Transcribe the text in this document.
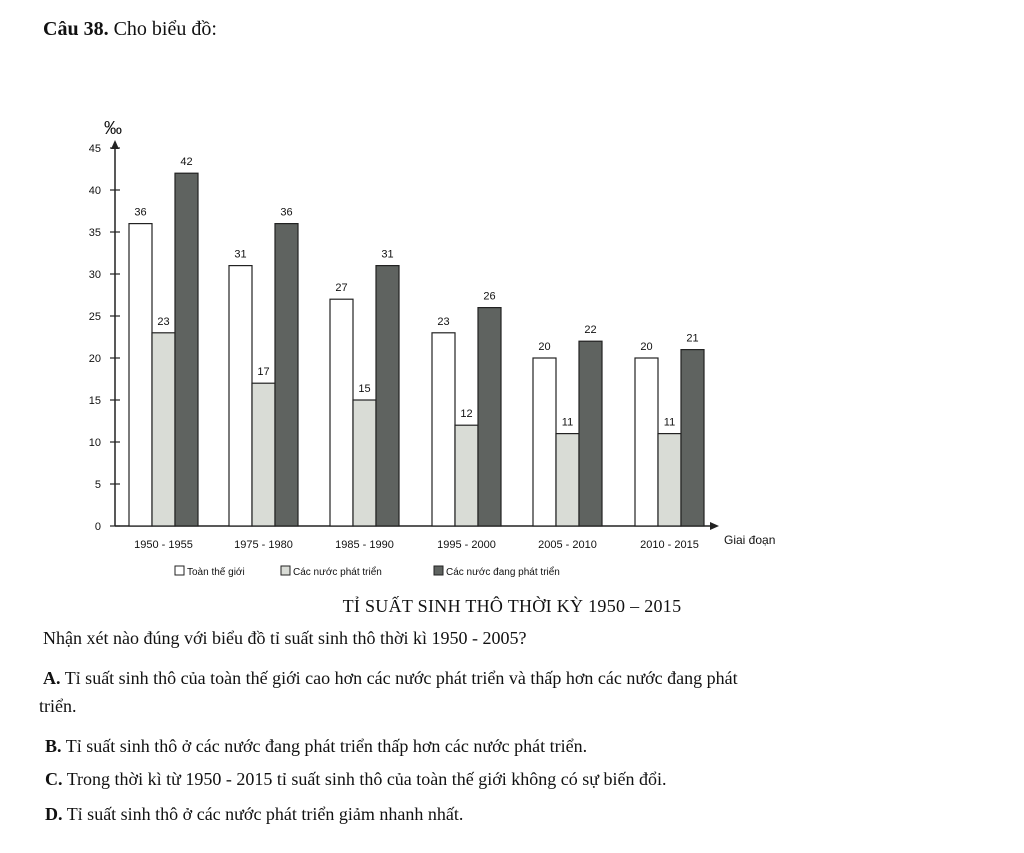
Câu 38. Cho biểu đồ:
‰
0
5
10
15
20
25
30
35
40
45
Giai đoạn
36
23
42
1950 - 1955
31
17
36
1975 - 1980
27
15
31
1985 - 1990
23
12
26
1995 - 2000
20
11
22
2005 - 2010
20
11
21
2010 - 2015
Toàn thế giới	Các nước phát triển	Các nước đang phát triển
TỈ SUẤT SINH THÔ THỜI KỲ 1950 – 2015
Nhận xét nào đúng với biểu đồ tỉ suất sinh thô thời kì 1950 - 2005?
A. Tỉ suất sinh thô của toàn thế giới cao hơn các nước phát triển và thấp hơn các nước đang phát
triển.
B. Tỉ suất sinh thô ở các nước đang phát triển thấp hơn các nước phát triển.
C. Trong thời kì từ 1950 - 2015 tỉ suất sinh thô của toàn thế giới không có sự biến đổi.
D. Tỉ suất sinh thô ở các nước phát triển giảm nhanh nhất.
